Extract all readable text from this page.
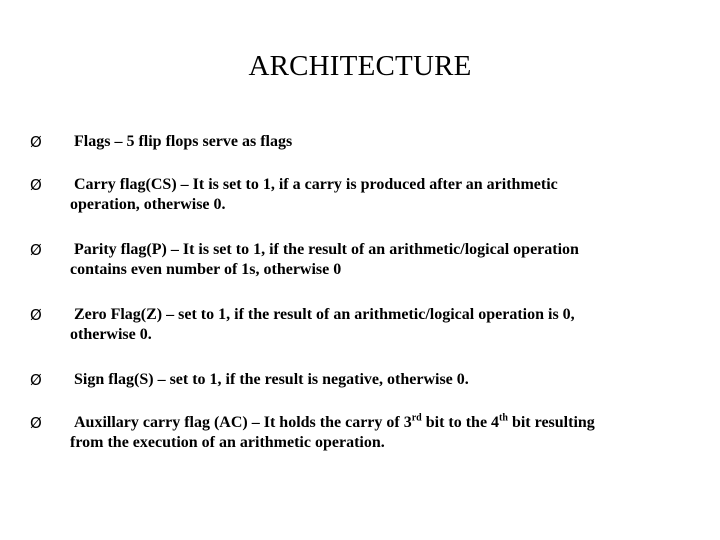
ARCHITECTURE
Ø Flags – 5 flip flops serve as flags
Ø Carry flag(CS) – It is set to 1, if a carry is produced after an arithmetic
operation, otherwise 0.
Ø Parity flag(P) – It is set to 1, if the result of an arithmetic/logical operation
contains even number of 1s, otherwise 0
Ø Zero Flag(Z) – set to 1, if the result of an arithmetic/logical operation is 0,
otherwise 0.
Ø Sign flag(S) – set to 1, if the result is negative, otherwise 0.
Ø Auxillary carry flag (AC) – It holds the carry of 3rd bit to the 4th bit resulting
from the execution of an arithmetic operation.
